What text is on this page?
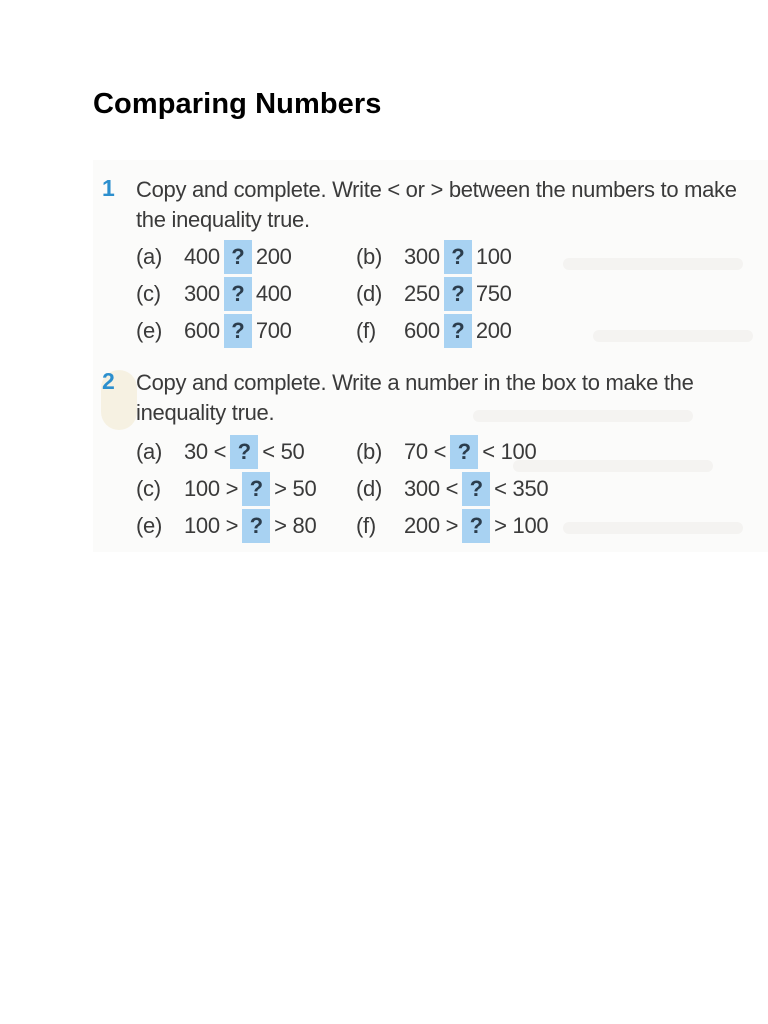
Comparing Numbers
1 Copy and complete. Write < or > between the numbers to make the inequality true.
(a) 400 ? 200	(b) 300 ? 100
(c) 300 ? 400	(d) 250 ? 750
(e) 600 ? 700	(f) 600 ? 200
2 Copy and complete. Write a number in the box to make the inequality true.
(a) 30 < ? < 50 (b) 70 < ? < 100
(c) 100 > ? > 50 (d) 300 < ? < 350
(e) 100 > ? > 80 (f) 200 > ? > 100
